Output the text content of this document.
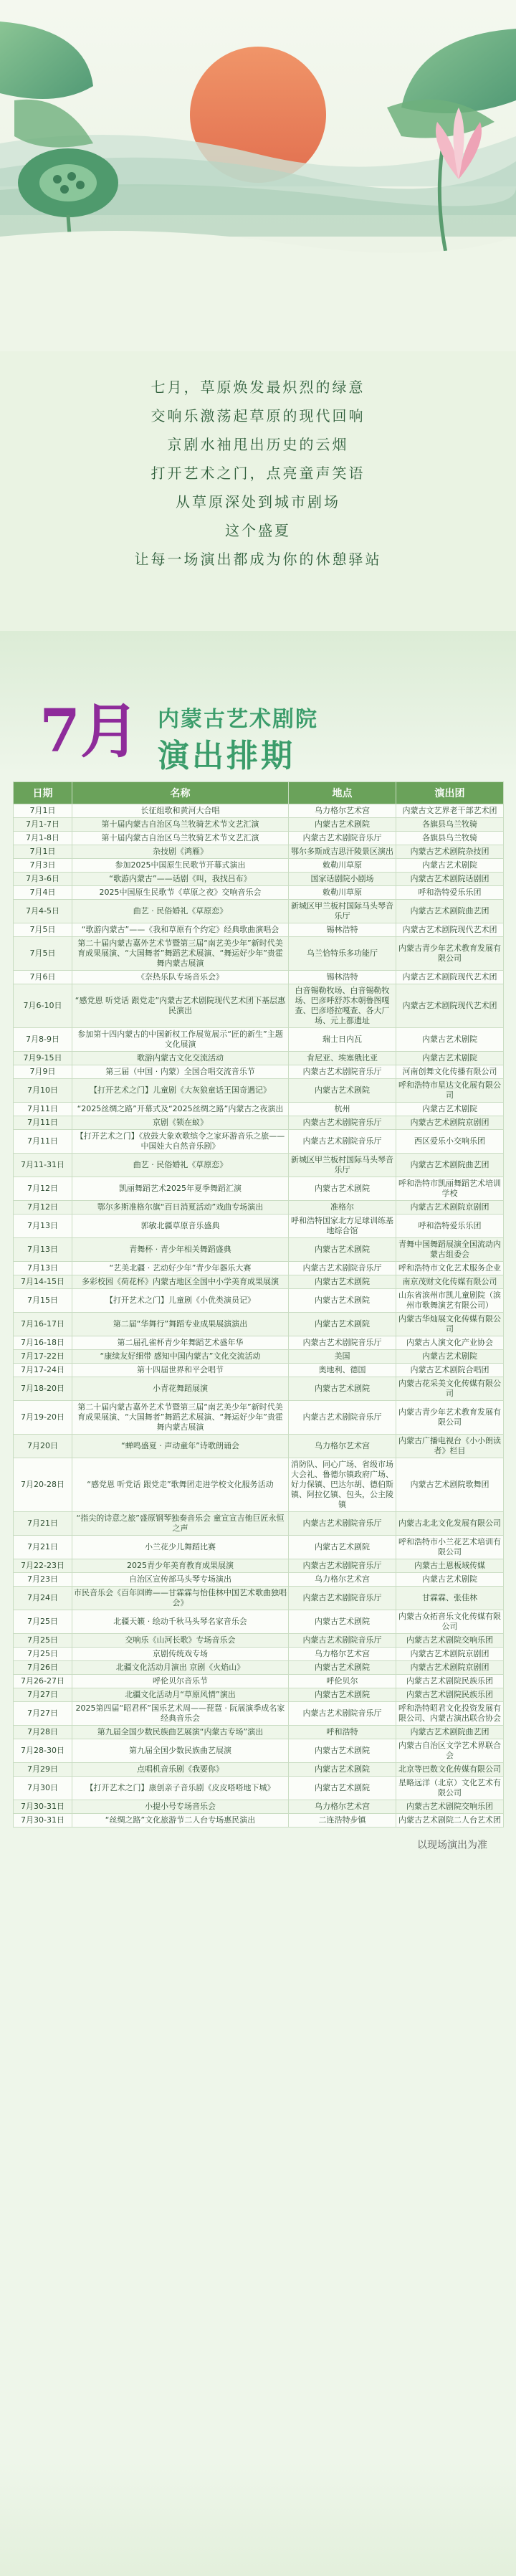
七月，草原焕发最炽烈的绿意
交响乐激荡起草原的现代回响
京剧水袖甩出历史的云烟
打开艺术之门，点亮童声笑语
从草原深处到城市剧场
这个盛夏
让每一场演出都成为你的休憩驿站
7月 内蒙古艺术剧院
演出排期
日期	名称	地点	演出团
7月1日	长征组歌和黄河大合唱	乌力格尔艺术宫	内蒙古文艺界老干部艺术团
7月1-7日	第十届内蒙古自治区乌兰牧骑艺术节文艺汇演	内蒙古艺术剧院	各旗县乌兰牧骑
7月1-8日	第十届内蒙古自治区乌兰牧骑艺术节文艺汇演	内蒙古艺术剧院音乐厅	各旗县乌兰牧骑
7月1日	杂技剧《鸿雁》	鄂尔多斯成吉思汗陵景区演出	内蒙古艺术剧院杂技团
7月3日	参加2025中国原生民歌节开幕式演出	敕勒川草原	内蒙古艺术剧院
7月3-6日	“歌游内蒙古”——话剧《叫，我找吕布》	国家话剧院小剧场	内蒙古艺术剧院话剧团
7月4日	2025中国原生民歌节《草原之夜》交响音乐会	敕勒川草原	呼和浩特爱乐乐团
7月4-5日	曲艺 · 民俗婚礼《草原恋》	新城区甲兰板村国际马头琴音乐厅	内蒙古艺术剧院曲艺团
7月5日	“歌游内蒙古”——《我和草原有个约定》经典歌曲演唱会	锡林浩特	内蒙古艺术剧院现代艺术团
7月5日	第二十届内蒙古嘉外艺术节暨第三届“南艺美少年”新时代美育成果展演、“大国舞者”舞蹈艺术展演、“舞运好少年”贵霍舞内蒙古展演	乌兰恰特乐多功能厅	内蒙古青少年艺术教育发展有限公司
7月6日	《奈热乐队专场音乐会》	锡林浩特	内蒙古艺术剧院现代艺术团
7月6-10日	“感党恩 听党话 跟党走”内蒙古艺术剧院现代艺术团下基层惠民演出	白音锡勒牧场、白音锡勒牧场、巴彦呼舒苏木朝鲁图嘎查、巴彦塔拉嘎查、各大厂场、元上都遗址	内蒙古艺术剧院现代艺术团
7月8-9日	参加第十四内蒙古的中国新权工作展览展示“匠的新生”主题文化展演	瑞士日内瓦	内蒙古艺术剧院
7月9-15日	歌游内蒙古文化交流活动	肯尼亚、埃塞俄比亚	内蒙古艺术剧院
7月9日	第三届（中国 · 内蒙）全国合唱交流音乐节	内蒙古艺术剧院音乐厅	河南创舞文化传播有限公司
7月10日	【打开艺术之门】儿童剧《大灰狼童话王国奇遇记》	内蒙古艺术剧院	呼和浩特市星达文化展有限公司
7月11日	“2025丝绸之路”开幕式及“2025丝绸之路”内蒙古之夜演出	杭州	内蒙古艺术剧院
7月11日	京剧《锁在蚁》	内蒙古艺术剧院音乐厅	内蒙古艺术剧院京剧团
7月11日	【打开艺术之门】《放鼓大象欢歌缤令之家环游音乐之旅——中国娃大自然音乐剧》	内蒙古艺术剧院音乐厅	西区爱乐小交响乐团
7月11-31日	曲艺 · 民俗婚礼《草原恋》	新城区甲兰板村国际马头琴音乐厅	内蒙古艺术剧院曲艺团
7月12日	凯丽舞蹈艺术2025年夏季舞蹈汇演	内蒙古艺术剧院	呼和浩特市凯丽舞蹈艺术培训学校
7月12日	鄂尔多斯准格尔旗“百日消夏活动”戏曲专场演出	准格尔	内蒙古艺术剧院京剧团
7月13日	郭敏北疆草原音乐盛典	呼和浩特国家北方足球训练基地综合馆	呼和浩特爱乐乐团
7月13日	青舞杯 · 青少年相关舞蹈盛典	内蒙古艺术剧院	青舞中国舞蹈展演全国流动内蒙古组委会
7月13日	“艺美北疆 · 艺动好少年”青少年器乐大赛	内蒙古艺术剧院音乐厅	呼和浩特市文化艺术服务企业
7月14-15日	多彩校园《荷花杯》内蒙古地区全国中小学美育成果展演	内蒙古艺术剧院	南京茂财文化传媒有限公司
7月15日	【打开艺术之门】儿童剧《小优类演员记》	内蒙古艺术剧院	山东省滨州市凯儿童剧院（滨州市歌舞演艺有限公司）
7月16-17日	第二届“华舞行”舞蹈专业成果展演演出	内蒙古艺术剧院	内蒙古华灿展文化传媒有限公司
7月16-18日	第二届孔雀杯青少年舞蹈艺术盛年华	内蒙古艺术剧院音乐厅	内蒙古人演文化产业协会
7月17-22日	“康续友好细带 感知中国内蒙古”文化交流活动	美国	内蒙古艺术剧院
7月17-24日	第十四届世界和平会唱节	奥地利、德国	内蒙古艺术剧院合唱团
7月18-20日	小青花舞蹈展演	内蒙古艺术剧院	内蒙古花采美文化传媒有限公司
7月19-20日	第二十届内蒙古嘉外艺术节暨第三届“南艺美少年”新时代美育成果展演、“大国舞者”舞蹈艺术展演、“舞运好少年”贵霍舞内蒙古展演	内蒙古艺术剧院音乐厅	内蒙古青少年艺术教育发展有限公司
7月20日	“蝉鸣盛夏 · 声动童年”诗歌朗诵会	乌力格尔艺术宫	内蒙古广播电视台《小小朗读者》栏目
7月20-28日	“感党恩 听党话 跟党走”歌舞团走进学校文化服务活动	消防队、同心广场、省级市场大会礼、鲁德尔镇政府广场、好力保镇、巴达尔胡、德伯斯镇、阿拉亿镇、包头，公主陵镇	内蒙古艺术剧院歌舞团
7月21日	“指尖的诗意之旅”盛原钢琴独奏音乐会 童宣宣吉他巨匠永恒之声	内蒙古艺术剧院音乐厅	内蒙古北北文化发展有限公司
7月21日	小兰花少儿舞蹈比赛	内蒙古艺术剧院	呼和浩特市小兰花艺术培训有限公司
7月22-23日	2025青少年美育教育成果展演	内蒙古艺术剧院音乐厅	内蒙古土恩板域传媒
7月23日	自治区宣传部马头琴专场演出	乌力格尔艺术宫	内蒙古艺术剧院
7月24日	市民音乐会《百年回眸——甘霖霖与怡佳林中国艺术歌曲独唱会》	内蒙古艺术剧院音乐厅	甘霖霖、张佳林
7月25日	北疆天籁 · 绘动千秋马头琴名家音乐会	内蒙古艺术剧院	内蒙古众拓音乐文化传媒有限公司
7月25日	交响乐《山河长歌》专场音乐会	内蒙古艺术剧院音乐厅	内蒙古艺术剧院交响乐团
7月25日	京剧传统戏专场	乌力格尔艺术宫	内蒙古艺术剧院京剧团
7月26日	北疆文化活动月演出 京剧《火焰山》	内蒙古艺术剧院	内蒙古艺术剧院京剧团
7月26-27日	呼伦贝尔音乐节	呼伦贝尔	内蒙古艺术剧院民族乐团
7月27日	北疆文化活动月“草原风情”演出	内蒙古艺术剧院	内蒙古艺术剧院民族乐团
7月27日	2025第四届“昭君杯”国乐艺术周——琵琶 · 阮展演季成名家经典音乐会	内蒙古艺术剧院音乐厅	呼和浩特昭君文化投资发展有限公司、内蒙古演出联合协会
7月28日	第九届全国少数民族曲艺展演“内蒙古专场”演出	呼和浩特	内蒙古艺术剧院曲艺团
7月28-30日	第九届全国少数民族曲艺展演	内蒙古艺术剧院	内蒙古自治区文学艺术界联合会
7月29日	点唱机音乐剧《我要你》	内蒙古艺术剧院	北京等巴数文化传媒有限公司
7月30日	【打开艺术之门】康创亲子音乐剧《皮皮嗒嗒地下城》	内蒙古艺术剧院	星略远洋（北京）文化艺术有限公司
7月30-31日	小提小号专场音乐会	乌力格尔艺术宫	内蒙古艺术剧院交响乐团
7月30-31日	“丝绸之路”文化旅游节二人台专场惠民演出	二连浩特步镇	内蒙古艺术剧院二人台艺术团
以现场演出为准
